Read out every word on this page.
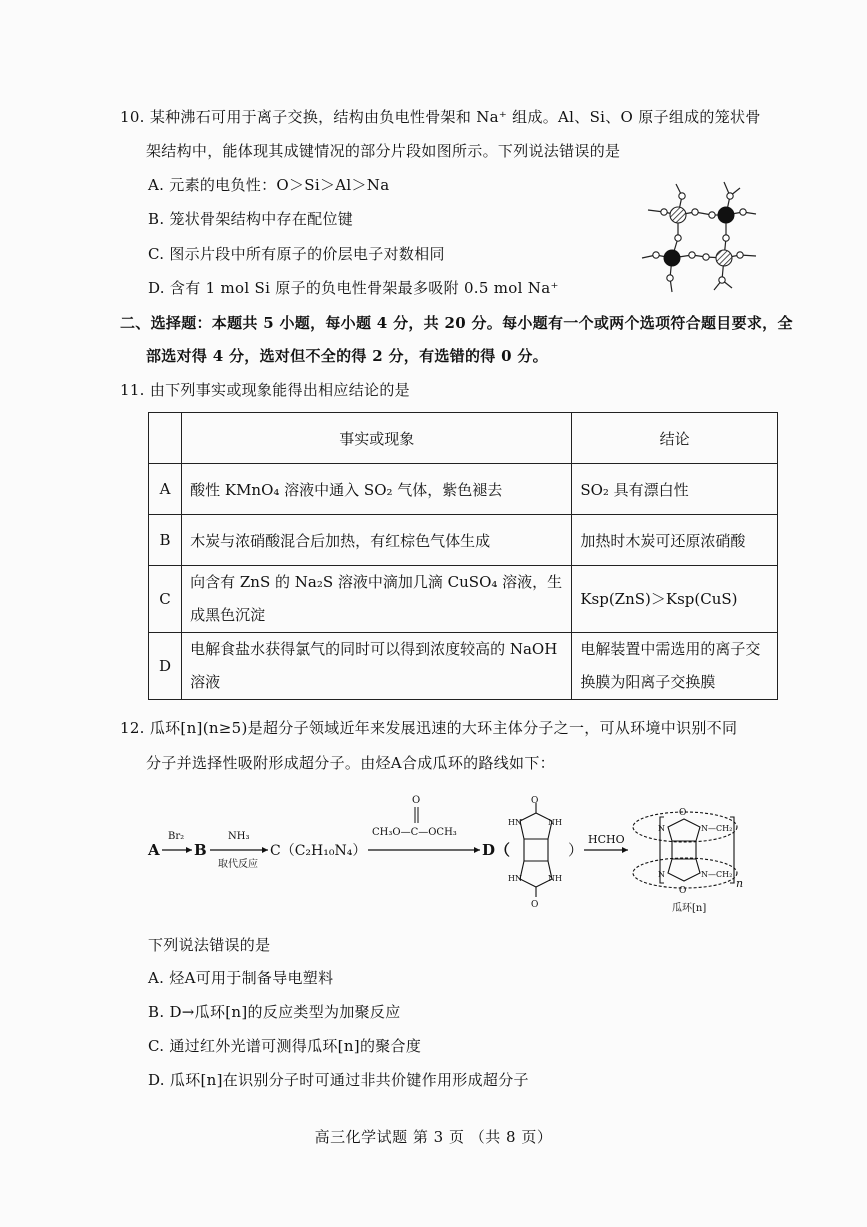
10. 某种沸石可用于离子交换，结构由负电性骨架和 Na⁺ 组成。Al、Si、O 原子组成的笼状骨
架结构中，能体现其成键情况的部分片段如图所示。下列说法错误的是
A. 元素的电负性：O＞Si＞Al＞Na
B. 笼状骨架结构中存在配位键
C. 图示片段中所有原子的价层电子对数相同
D. 含有 1 mol Si 原子的负电性骨架最多吸附 0.5 mol Na⁺
二、选择题：本题共 5 小题，每小题 4 分，共 20 分。每小题有一个或两个选项符合题目要求，全
部选对得 4 分，选对但不全的得 2 分，有选错的得 0 分。
11. 由下列事实或现象能得出相应结论的是
	事实或现象	结论
A	酸性 KMnO₄ 溶液中通入 SO₂ 气体，紫色褪去	SO₂ 具有漂白性
B	木炭与浓硝酸混合后加热，有红棕色气体生成	加热时木炭可还原浓硝酸
C	向含有 ZnS 的 Na₂S 溶液中滴加几滴 CuSO₄ 溶液，生成黑色沉淀	Ksp(ZnS)＞Ksp(CuS)
D	电解食盐水获得氯气的同时可以得到浓度较高的 NaOH 溶液	电解装置中需选用的离子交换膜为阳离子交换膜
12. 瓜环[n](n≥5)是超分子领域近年来发展迅速的大环主体分子之一，可从环境中识别不同
分子并选择性吸附形成超分子。由烃A合成瓜环的路线如下：
A
Br₂
B
NH₃
取代反应
C（C₂H₁₀N₄）
O
CH₃O—C—OCH₃
D（
O
O
HN	NH
HN	NH
）
HCHO
O
O
N	N—CH₂
N	N—CH₂
n
瓜环[n]
下列说法错误的是
A. 烃A可用于制备导电塑料
B. D→瓜环[n]的反应类型为加聚反应
C. 通过红外光谱可测得瓜环[n]的聚合度
D. 瓜环[n]在识别分子时可通过非共价键作用形成超分子
高三化学试题 第 3 页 （共 8 页）
